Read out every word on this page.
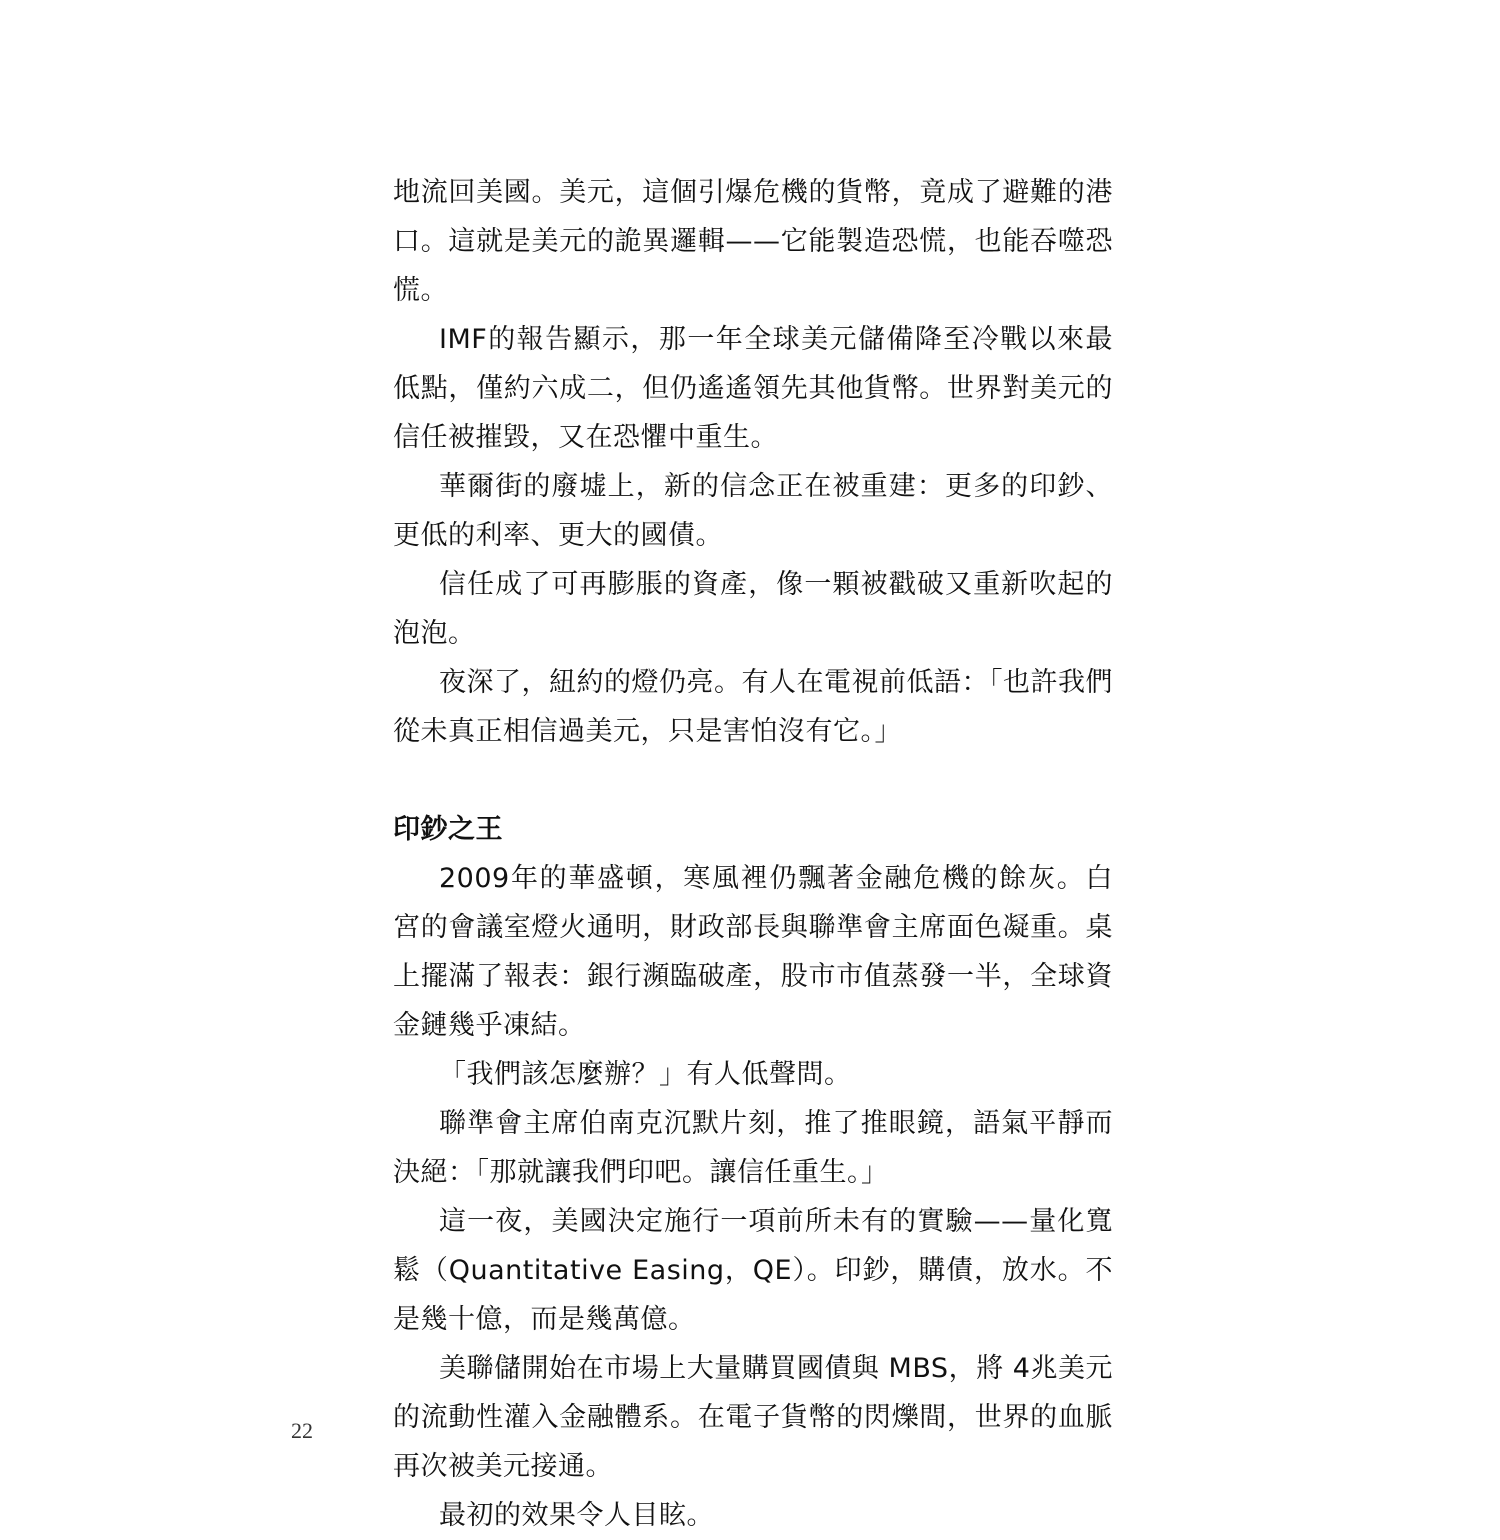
地流回美國。美元，這個引爆危機的貨幣，竟成了避難的港口。這就是美元的詭異邏輯——它能製造恐慌，也能吞噬恐慌。

IMF的報告顯示，那一年全球美元儲備降至冷戰以來最低點，僅約六成二，但仍遙遙領先其他貨幣。世界對美元的信任被摧毀，又在恐懼中重生。

華爾街的廢墟上，新的信念正在被重建：更多的印鈔、更低的利率、更大的國債。

信任成了可再膨脹的資產，像一顆被戳破又重新吹起的泡泡。

夜深了，紐約的燈仍亮。有人在電視前低語：「也許我們從未真正相信過美元，只是害怕沒有它。」

印鈔之王

2009年的華盛頓，寒風裡仍飄著金融危機的餘灰。白宮的會議室燈火通明，財政部長與聯準會主席面色凝重。桌上擺滿了報表：銀行瀕臨破產，股市市值蒸發一半，全球資金鏈幾乎凍結。

「我們該怎麼辦？」有人低聲問。

聯準會主席伯南克沉默片刻，推了推眼鏡，語氣平靜而決絕：「那就讓我們印吧。讓信任重生。」

這一夜，美國決定施行一項前所未有的實驗——量化寬鬆（Quantitative Easing，QE）。印鈔，購債，放水。不是幾十億，而是幾萬億。

美聯儲開始在市場上大量購買國債與 MBS，將 4兆美元的流動性灌入金融體系。在電子貨幣的閃爍間，世界的血脈再次被美元接通。

最初的效果令人目眩。

22
